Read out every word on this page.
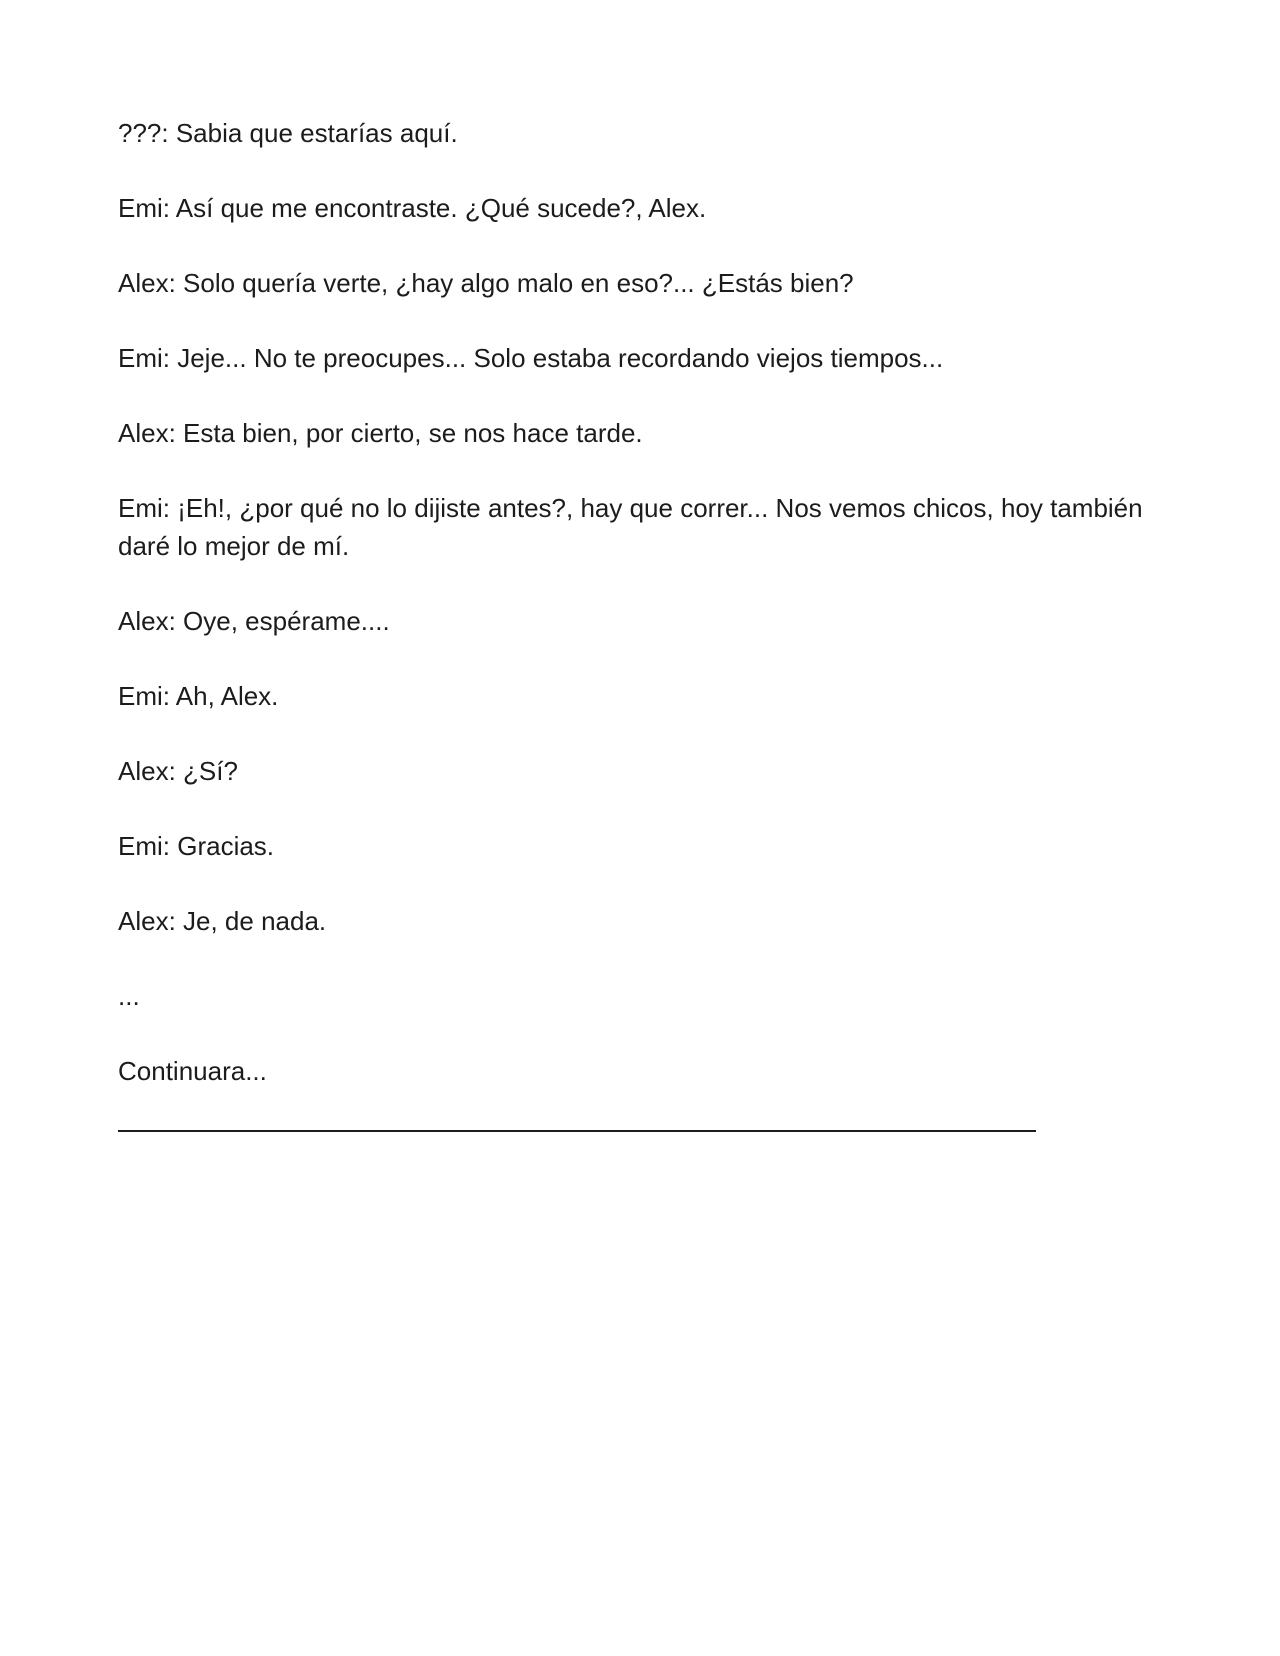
???: Sabia que estarías aquí.

Emi: Así que me encontraste. ¿Qué sucede?, Alex.

Alex: Solo quería verte, ¿hay algo malo en eso?... ¿Estás bien?

Emi: Jeje... No te preocupes... Solo estaba recordando viejos tiempos...

Alex: Esta bien, por cierto, se nos hace tarde.

Emi: ¡Eh!, ¿por qué no lo dijiste antes?, hay que correr... Nos vemos chicos, hoy también daré lo mejor de mí.

Alex: Oye, espérame....

Emi: Ah, Alex.

Alex: ¿Sí?

Emi: Gracias.

Alex: Je, de nada.

...

Continuara...
